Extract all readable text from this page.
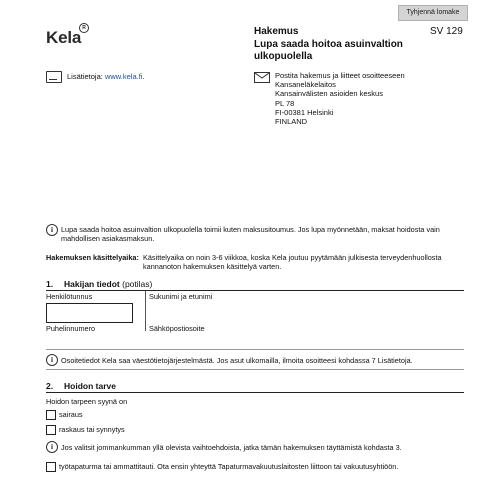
Tyhjennä lomake
Kela R	Hakemus
Lupa saada hoitoa asuinvaltion
ulkopuolella
SV 129
Lisätietoja: www.kela.fi.	Postita hakemus ja liitteet osoitteeseen
Kansaneläkelaitos
Kansainvälisten asioiden keskus
PL 78
FI-00381 Helsinki
FINLAND
i	Lupa saada hoitoa asuinvaltion ulkopuolella toimii kuten maksusitoumus. Jos lupa myönnetään, maksat hoidosta vain
mahdollisen asiakasmaksun.
Hakemuksen käsittelyaika: Käsittelyaika on noin 3-6 viikkoa, koska Kela joutuu pyytämään julkisesta terveydenhuollosta
kannanoton hakemuksen käsittelyä varten.
1. Hakijan tiedot (potilas)
Henkilötunnus	Sukunimi ja etunimi
Puhelinnumero	Sähköpostiosoite
i	Osoitetiedot Kela saa väestötietojärjestelmästä. Jos asut ulkomailla, ilmoita osoitteesi kohdassa 7 Lisätietoja.
2. Hoidon tarve
Hoidon tarpeen syynä on
sairaus
raskaus tai synnytys
i	Jos valitsit jommankumman yllä olevista vaihtoehdoista, jatka tämän hakemuksen täyttämistä kohdasta 3.
työtapaturma tai ammattitauti. Ota ensin yhteyttä Tapaturmavakuutuslaitosten liittoon tai vakuutusyhtiöön.
